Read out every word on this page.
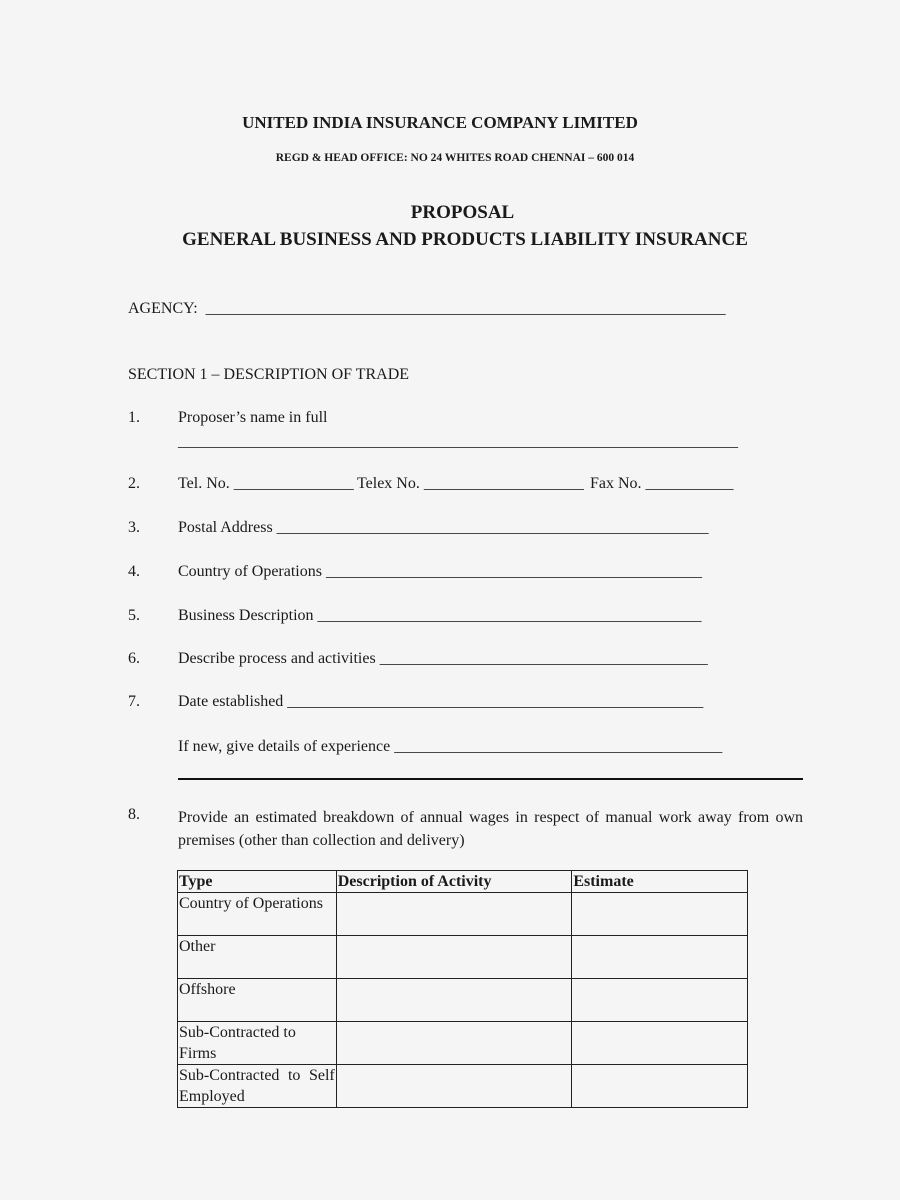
UNITED INDIA INSURANCE COMPANY LIMITED
REGD & HEAD OFFICE: NO 24 WHITES ROAD CHENNAI – 600 014
PROPOSAL
GENERAL BUSINESS AND PRODUCTS LIABILITY INSURANCE
AGENCY: _________________________________________________________________
SECTION 1 – DESCRIPTION OF TRADE
1. Proposer’s name in full
______________________________________________________________________
2. Tel. No. _______________ Telex No. ____________________ Fax No. ___________
3. Postal Address ______________________________________________________
4. Country of Operations _______________________________________________
5. Business Description ________________________________________________
6. Describe process and activities _________________________________________
7. Date established ____________________________________________________
If new, give details of experience _________________________________________
8. Provide an estimated breakdown of annual wages in respect of manual work away from own
premises (other than collection and delivery)
Type	Description of Activity	Estimate
Country of Operations		
Other		
Offshore		
Sub-Contracted to Firms		
Sub-Contracted to Self Employed		
